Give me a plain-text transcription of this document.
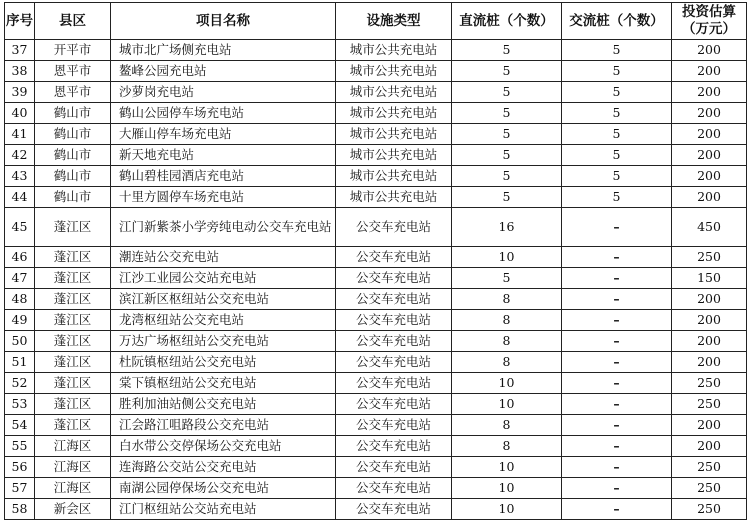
序号	县区	项目名称	设施类型	直流桩（个数）	交流桩（个数）	投资估算（万元）
37	开平市	城市北广场侧充电站	城市公共充电站	5	5	200
38	恩平市	鳌峰公园充电站	城市公共充电站	5	5	200
39	恩平市	沙萝岗充电站	城市公共充电站	5	5	200
40	鹤山市	鹤山公园停车场充电站	城市公共充电站	5	5	200
41	鹤山市	大雁山停车场充电站	城市公共充电站	5	5	200
42	鹤山市	新天地充电站	城市公共充电站	5	5	200
43	鹤山市	鹤山碧桂园酒店充电站	城市公共充电站	5	5	200
44	鹤山市	十里方圆停车场充电站	城市公共充电站	5	5	200
45	蓬江区	江门新紫茶小学旁纯电动公交车充电站	公交车充电站	16	–	450
46	蓬江区	潮连站公交充电站	公交车充电站	10	–	250
47	蓬江区	江沙工业园公交站充电站	公交车充电站	5	–	150
48	蓬江区	滨江新区枢纽站公交充电站	公交车充电站	8	–	200
49	蓬江区	龙湾枢纽站公交充电站	公交车充电站	8	–	200
50	蓬江区	万达广场枢纽站公交充电站	公交车充电站	8	–	200
51	蓬江区	杜阮镇枢纽站公交充电站	公交车充电站	8	–	200
52	蓬江区	棠下镇枢纽站公交充电站	公交车充电站	10	–	250
53	蓬江区	胜利加油站侧公交充电站	公交车充电站	10	–	250
54	蓬江区	江会路江咀路段公交充电站	公交车充电站	8	–	200
55	江海区	白水带公交停保场公交充电站	公交车充电站	8	–	200
56	江海区	连海路公交站公交充电站	公交车充电站	10	–	250
57	江海区	南湖公园停保场公交充电站	公交车充电站	10	–	250
58	新会区	江门枢纽站公交站充电站	公交车充电站	10	–	250
